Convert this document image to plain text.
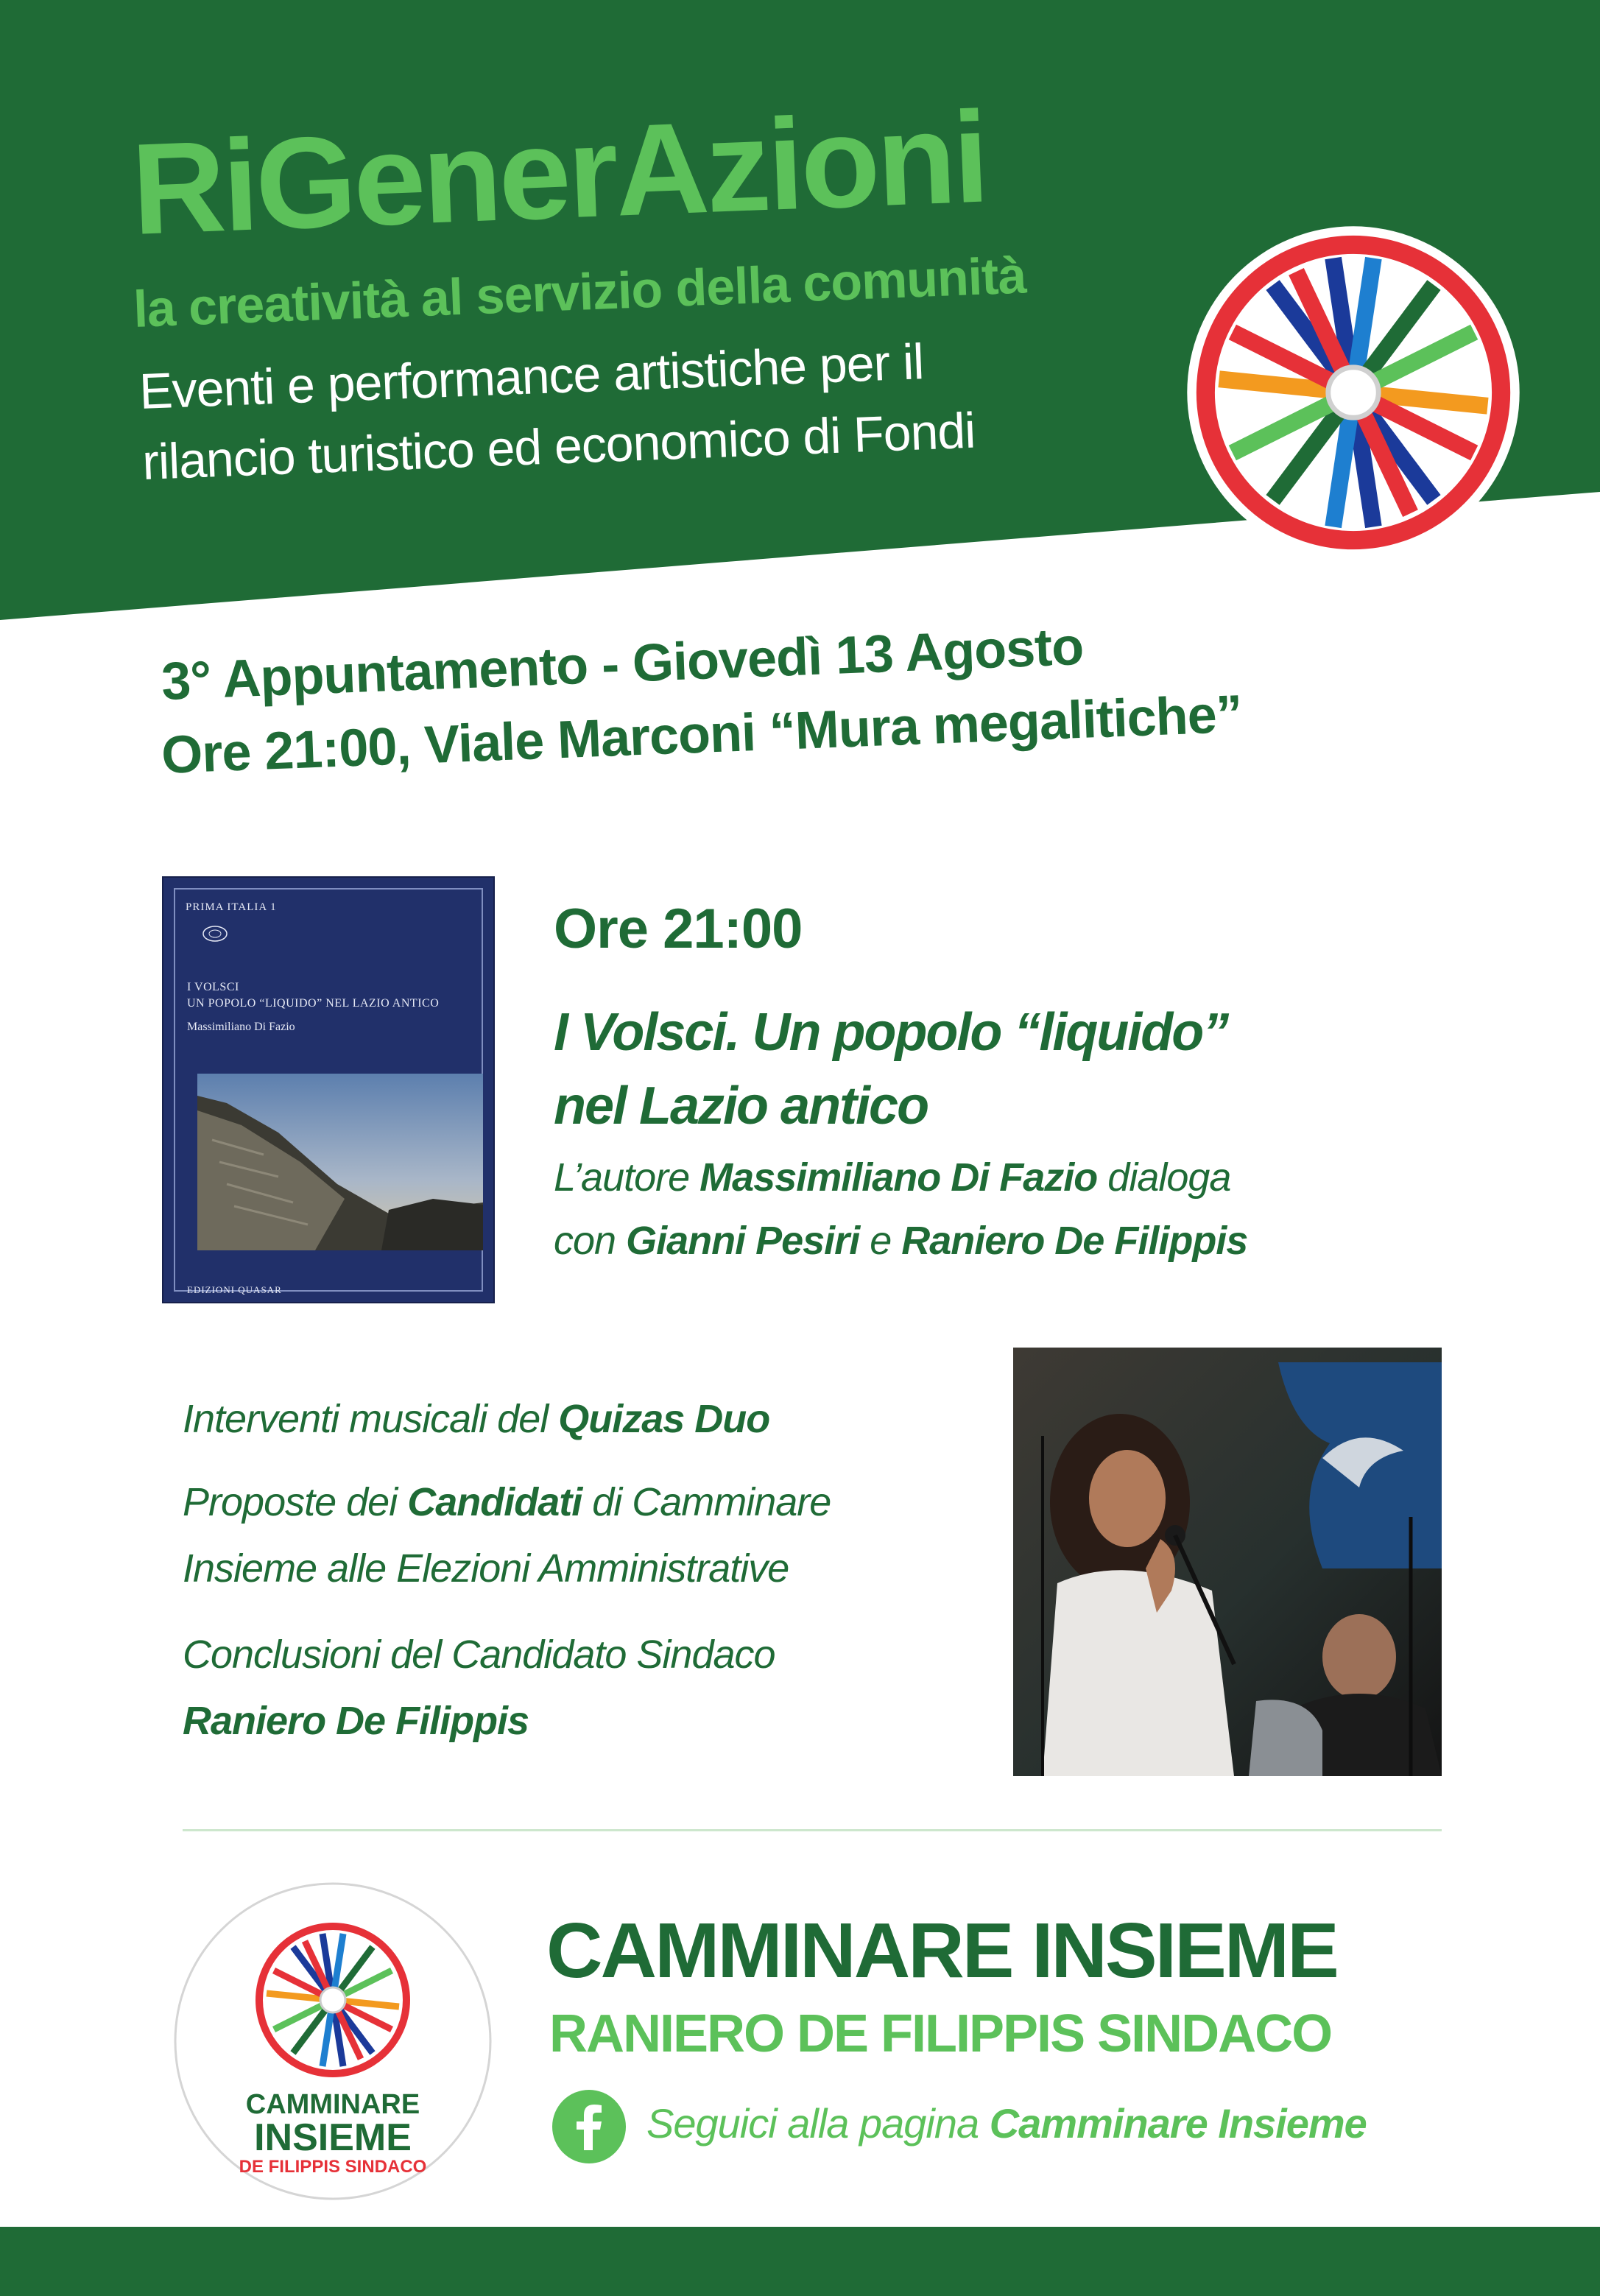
RiGenerAzioni
la creatività al servizio della comunità
Eventi e performance artistiche per il
rilancio turistico ed economico di Fondi
3° Appuntamento - Giovedì 13 Agosto
Ore 21:00, Viale Marconi “Mura megalitiche”
PRIMA ITALIA 1
I VOLSCI
UN POPOLO “LIQUIDO” NEL LAZIO ANTICO
Massimiliano Di Fazio
EDIZIONI QUASAR
Ore 21:00
I Volsci. Un popolo “liquido”
nel Lazio antico
L’autore Massimiliano Di Fazio dialoga
con Gianni Pesiri e Raniero De Filippis
Interventi musicali del Quizas Duo
Proposte dei Candidati di Camminare
Insieme alle Elezioni Amministrative
Conclusioni del Candidato Sindaco
Raniero De Filippis
CAMMINARE
INSIEME
DE FILIPPIS SINDACO
CAMMINARE INSIEME
RANIERO DE FILIPPIS SINDACO
Seguici alla pagina Camminare Insieme
